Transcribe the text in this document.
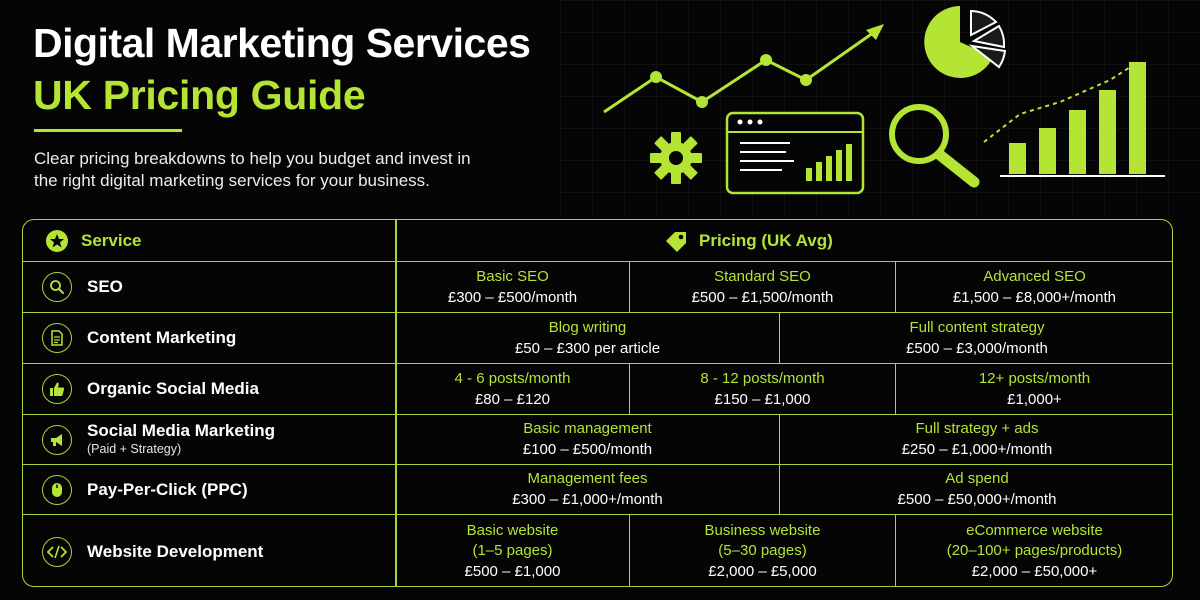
Digital Marketing Services
UK Pricing Guide
Clear pricing breakdowns to help you budget and invest in the right digital marketing services for your business.
Service	Pricing (UK Avg)
SEO
Basic SEO
£300 – £500/month
Standard SEO
£500 – £1,500/month
Advanced SEO
£1,500 – £8,000+/month
Content Marketing
Blog writing
£50 – £300 per article
Full content strategy
£500 – £3,000/month
Organic Social Media
4 - 6 posts/month
£80 – £120
8 - 12 posts/month
£150 – £1,000
12+ posts/month
£1,000+
Social Media Marketing
(Paid + Strategy)
Basic management
£100 – £500/month
Full strategy + ads
£250 – £1,000+/month
Pay-Per-Click (PPC)
Management fees
£300 – £1,000+/month
Ad spend
£500 – £50,000+/month
Website Development
Basic website
(1–5 pages)
£500 – £1,000
Business website
(5–30 pages)
£2,000 – £5,000
eCommerce website
(20–100+ pages/products)
£2,000 – £50,000+
